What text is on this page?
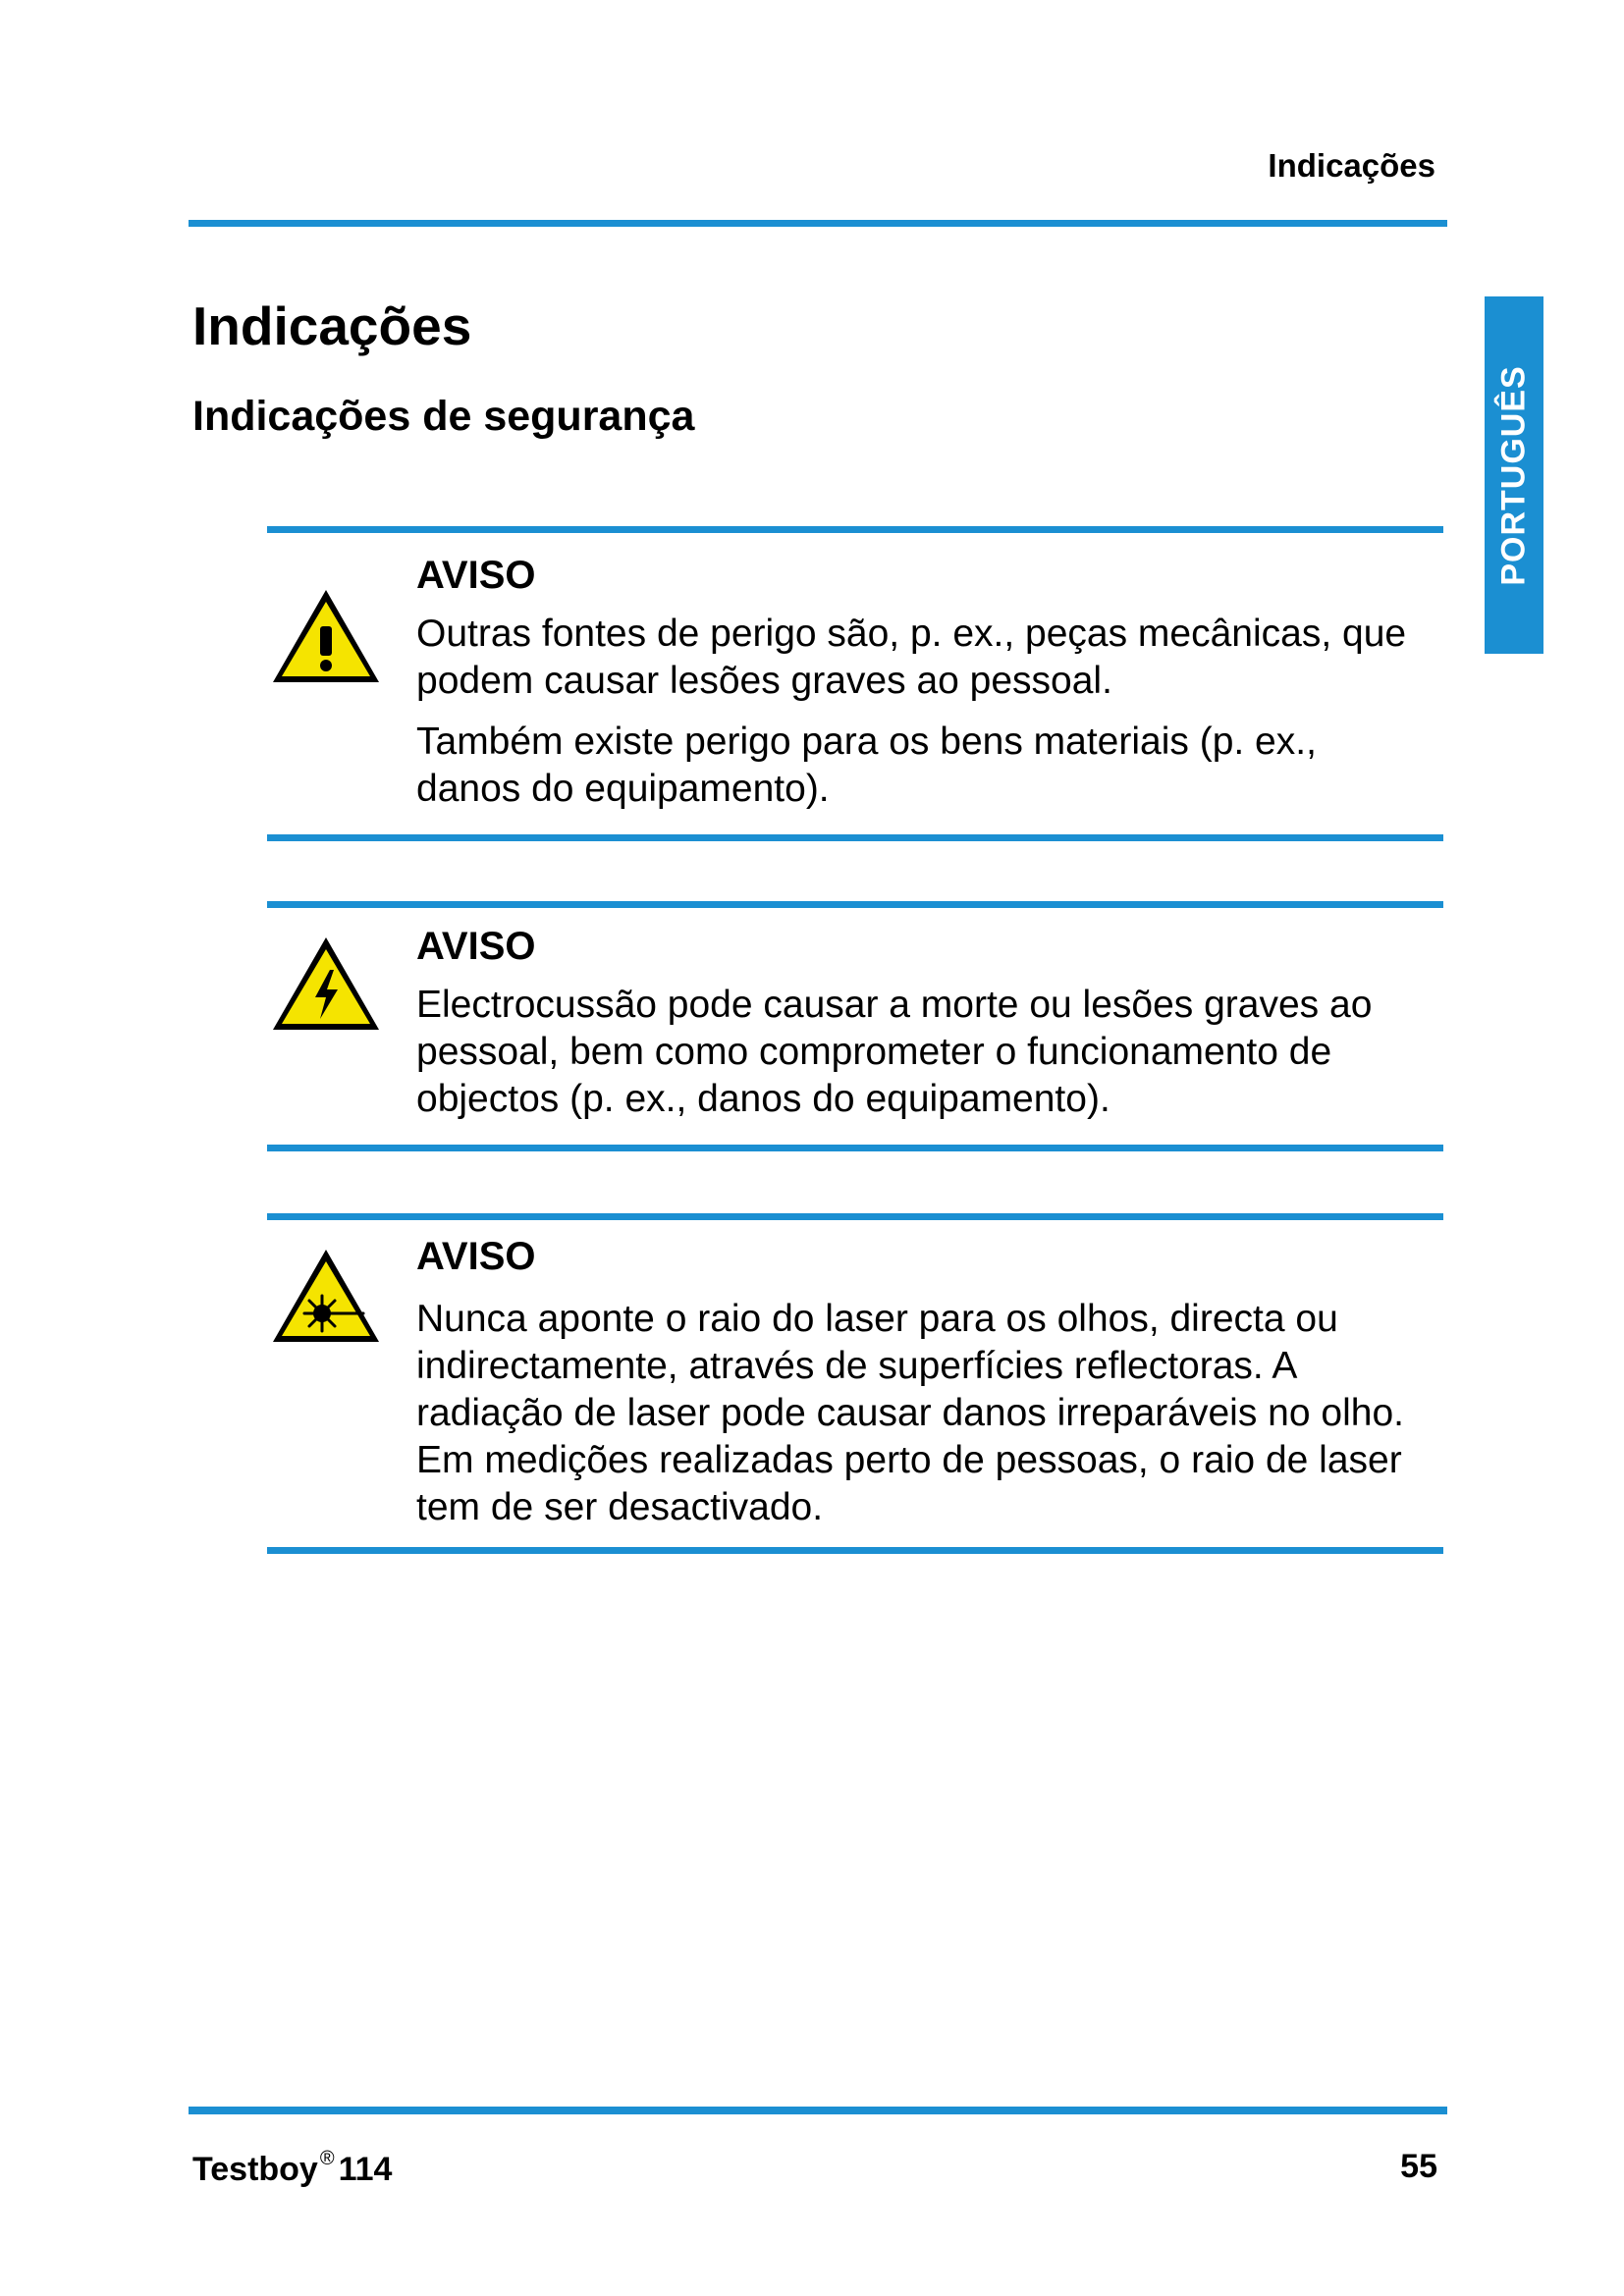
Indicações
PORTUGUÊS
Indicações
Indicações de segurança
AVISO

Outras fontes de perigo são, p. ex., peças mecânicas, que podem causar lesões graves ao pessoal.

Também existe perigo para os bens materiais (p. ex., danos do equipamento).

AVISO

Electrocussão pode causar a morte ou lesões graves ao pessoal, bem como comprometer o funcionamento de objectos (p. ex., danos do equipamento).

AVISO

Nunca aponte o raio do laser para os olhos, directa ou indirectamente, através de superfícies reflectoras. A radiação de laser pode causar danos irreparáveis no olho. Em medições realizadas perto de pessoas, o raio de laser tem de ser desactivado.

Testboy ® 114	55
